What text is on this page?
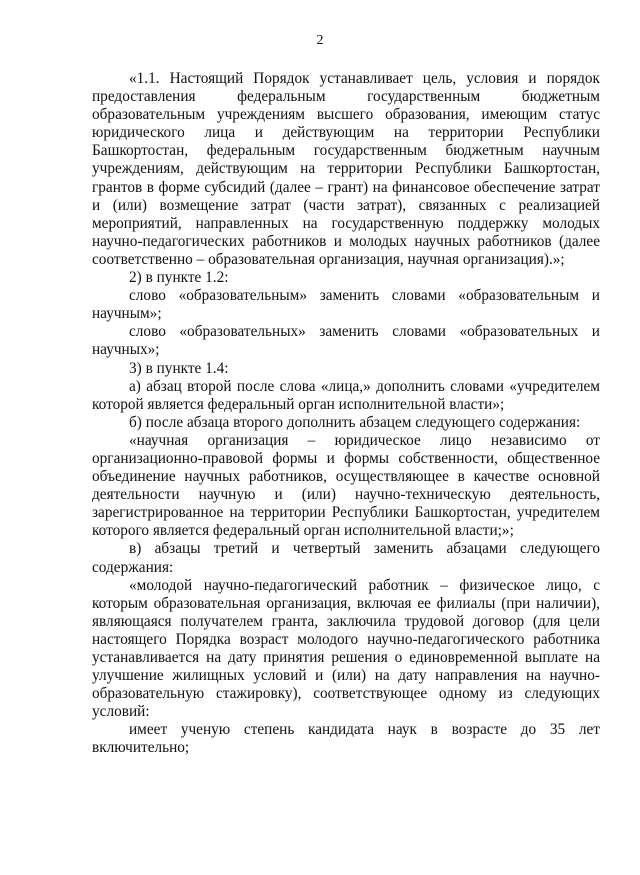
2

«1.1. Настоящий Порядок устанавливает цель, условия и порядок предоставления федеральным государственным бюджетным образовательным учреждениям высшего образования, имеющим статус юридического лица и действующим на территории Республики Башкортостан, федеральным государственным бюджетным научным учреждениям, действующим на территории Республики Башкортостан, грантов в форме субсидий (далее – грант) на финансовое обеспечение затрат и (или) возмещение затрат (части затрат), связанных с реализацией мероприятий, направленных на государственную поддержку молодых научно-педагогических работников и молодых научных работников (далее соответственно – образовательная организация, научная организация).»;

2) в пункте 1.2:

слово «образовательным» заменить словами «образовательным и научным»;

слово «образовательных» заменить словами «образовательных и научных»;

3) в пункте 1.4:

а) абзац второй после слова «лица,» дополнить словами «учредителем которой является федеральный орган исполнительной власти»;

б) после абзаца второго дополнить абзацем следующего содержания:

«научная организация – юридическое лицо независимо от организационно-правовой формы и формы собственности, общественное объединение научных работников, осуществляющее в качестве основной деятельности научную и (или) научно-техническую деятельность, зарегистрированное на территории Республики Башкортостан, учредителем которого является федеральный орган исполнительной власти;»;

в) абзацы третий и четвертый заменить абзацами следующего содержания:

«молодой научно-педагогический работник – физическое лицо, с которым образовательная организация, включая ее филиалы (при наличии), являющаяся получателем гранта, заключила трудовой договор (для цели настоящего Порядка возраст молодого научно-педагогического работника устанавливается на дату принятия решения о единовременной выплате на улучшение жилищных условий и (или) на дату направления на научно-образовательную стажировку), соответствующее одному из следующих условий:

имеет ученую степень кандидата наук в возрасте до 35 лет включительно;
